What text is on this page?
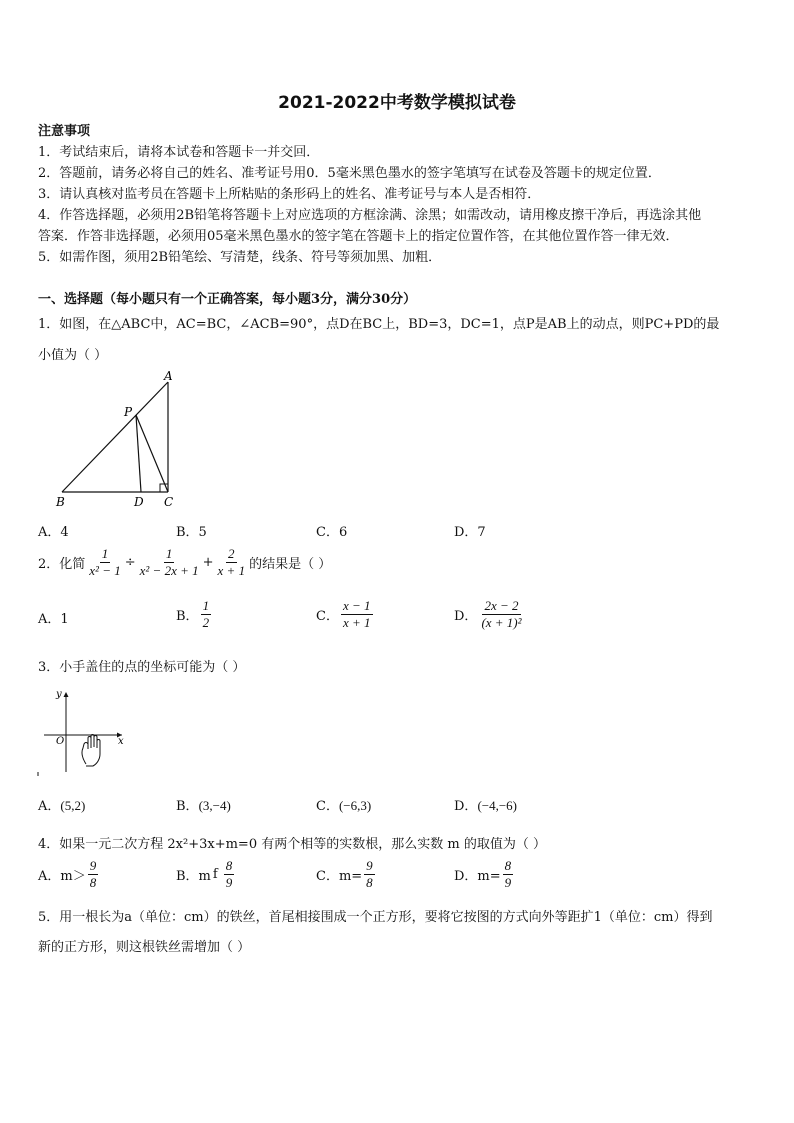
2021-2022中考数学模拟试卷
注意事项
1．考试结束后，请将本试卷和答题卡一并交回．
2．答题前，请务必将自己的姓名、准考证号用0．5毫米黑色墨水的签字笔填写在试卷及答题卡的规定位置．
3．请认真核对监考员在答题卡上所粘贴的条形码上的姓名、准考证号与本人是否相符．
4．作答选择题，必须用2B铅笔将答题卡上对应选项的方框涂满、涂黑；如需改动，请用橡皮擦干净后，再选涂其他
答案．作答非选择题，必须用05毫米黑色墨水的签字笔在答题卡上的指定位置作答，在其他位置作答一律无效．
5．如需作图，须用2B铅笔绘、写清楚，线条、符号等须加黑、加粗．
一、选择题（每小题只有一个正确答案，每小题3分，满分30分）
1．如图，在△ABC中，AC=BC，∠ACB=90°，点D在BC上，BD=3，DC=1，点P是AB上的动点，则PC+PD的最
小值为（ ）
A
P
B	D C
A．4	B．5	C．6	D．7
2．化简 $\frac{1}{\text{x² − 1}} \div \frac{1}{\text{x² − 2x + 1}} + \frac{2}{x + 1}$ 的结果是（ ）
A．1	B． $\frac{1}{2}$	C． $\frac{x - 1}{x + 1}$	D． $\frac{2x - 2}{\text{(x + 1)²}}$
3．小手盖住的点的坐标可能为（ ）
y
x
O
A．(5,2)	B．(3,−4)	C．(−6,3)	D．(−4,−6)
4．如果一元二次方程 2x²+3x+m=0 有两个相等的实数根，那么实数 m 的取值为（ ）
A．$m> \frac{9}{8}$	B．m f $\frac{8}{9}$	C．$m= \frac{9}{8}$	D．$m= \frac{8}{9}$
5．用一根长为a（单位：cm）的铁丝，首尾相接围成一个正方形，要将它按图的方式向外等距扩1（单位：cm）得到
新的正方形，则这根铁丝需增加（ ）
